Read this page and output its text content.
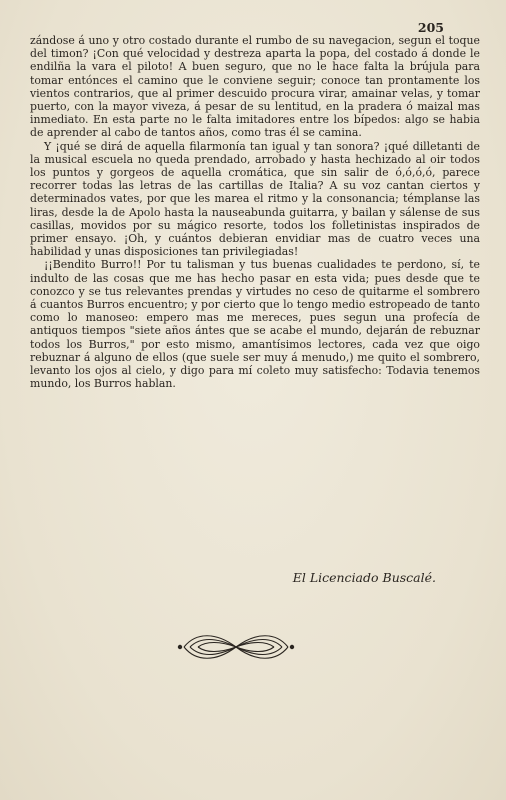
205

zándose á uno y otro costado durante el rumbo de su navegacion, segun el toque del timon? ¡Con qué velocidad y destreza aparta la popa, del costado á donde le endilña la vara el piloto! A buen seguro, que no le hace falta la brújula para tomar entónces el camino que le conviene seguir; conoce tan prontamente los vientos contrarios, que al primer descuido procura virar, amainar velas, y tomar puerto, con la mayor viveza, á pesar de su lentitud, en la pradera ó maizal mas inmediato. En esta parte no le falta imitadores entre los bípedos: algo se habia de aprender al cabo de tantos años, como tras él se camina.

Y ¡qué se dirá de aquella filarmonía tan igual y tan sonora? ¡qué dilletanti de la musical escuela no queda prendado, arrobado y hasta hechizado al oir todos los puntos y gorgeos de aquella cromática, que sin salir de ó,ó,ó,ó, parece recorrer todas las letras de las cartillas de Italia? A su voz cantan ciertos y determinados vates, por que les marea el ritmo y la consonancia; témplanse las liras, desde la de Apolo hasta la nauseabunda guitarra, y bailan y sálense de sus casillas, movidos por su mágico resorte, todos los folletinistas inspirados de primer ensayo. ¡Oh, y cuántos debieran envidiar mas de cuatro veces una habilidad y unas disposiciones tan privilegiadas!

¡¡Bendito Burro!! Por tu talisman y tus buenas cualidades te perdono, sí, te indulto de las cosas que me has hecho pasar en esta vida; pues desde que te conozco y se tus relevantes prendas y virtudes no ceso de quitarme el sombrero á cuantos Burros encuentro; y por cierto que lo tengo medio estropeado de tanto como lo manoseo: empero mas me mereces, pues segun una profecía de antiquos tiempos "siete años ántes que se acabe el mundo, dejarán de rebuznar todos los Burros," por esto mismo, amantísimos lectores, cada vez que oigo rebuznar á alguno de ellos (que suele ser muy á menudo,) me quito el sombrero, levanto los ojos al cielo, y digo para mí coleto muy satisfecho: Todavia tenemos mundo, los Burros hablan.

El Licenciado Buscalé.
